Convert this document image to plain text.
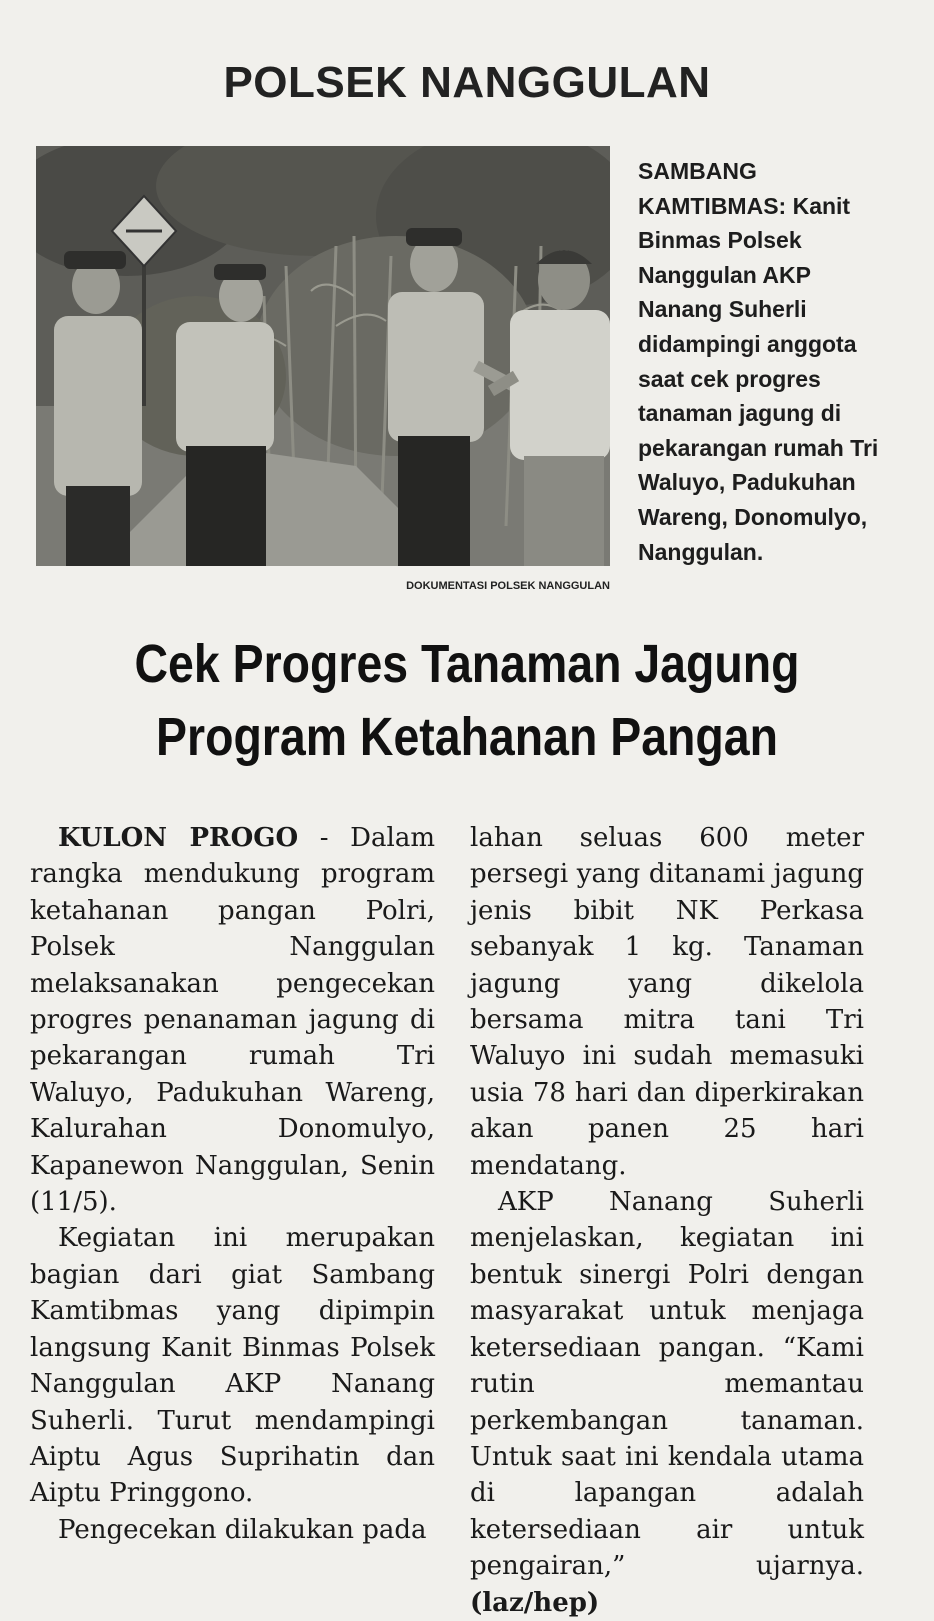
POLSEK NANGGULAN
DOKUMENTASI POLSEK NANGGULAN
SAMBANG KAMTIBMAS: Kanit Binmas Polsek Nanggulan AKP Nanang Suherli didampingi anggota saat cek progres tanaman jagung di pekarangan rumah Tri Waluyo, Padukuhan Wareng, Donomulyo, Nanggulan.
Cek Progres Tanaman Jagung
Program Ketahanan Pangan

KULON PROGO - Dalam rangka mendukung program ketahanan pangan Polri, Polsek Nanggulan melaksanakan pengecekan progres penanaman jagung di pekarangan rumah Tri Waluyo, Padukuhan Wareng, Kalurahan Donomulyo, Kapanewon Nanggulan, Senin (11/5).

Kegiatan ini merupakan bagian dari giat Sambang Kamtibmas yang dipimpin langsung Kanit Binmas Polsek Nanggulan AKP Nanang Suherli. Turut mendampingi Aiptu Agus Suprihatin dan Aiptu Pringgono.

Pengecekan dilakukan pada

lahan seluas 600 meter persegi yang ditanami jagung jenis bibit NK Perkasa sebanyak 1 kg. Tanaman jagung yang dikelola bersama mitra tani Tri Waluyo ini sudah memasuki usia 78 hari dan diperkirakan akan panen 25 hari mendatang.

AKP Nanang Suherli menjelaskan, kegiatan ini bentuk sinergi Polri dengan masyarakat untuk menjaga ketersediaan pangan. “Kami rutin memantau perkembangan tanaman. Untuk saat ini kendala utama di lapangan adalah ketersediaan air untuk pengairan,” ujarnya. (laz/hep)
